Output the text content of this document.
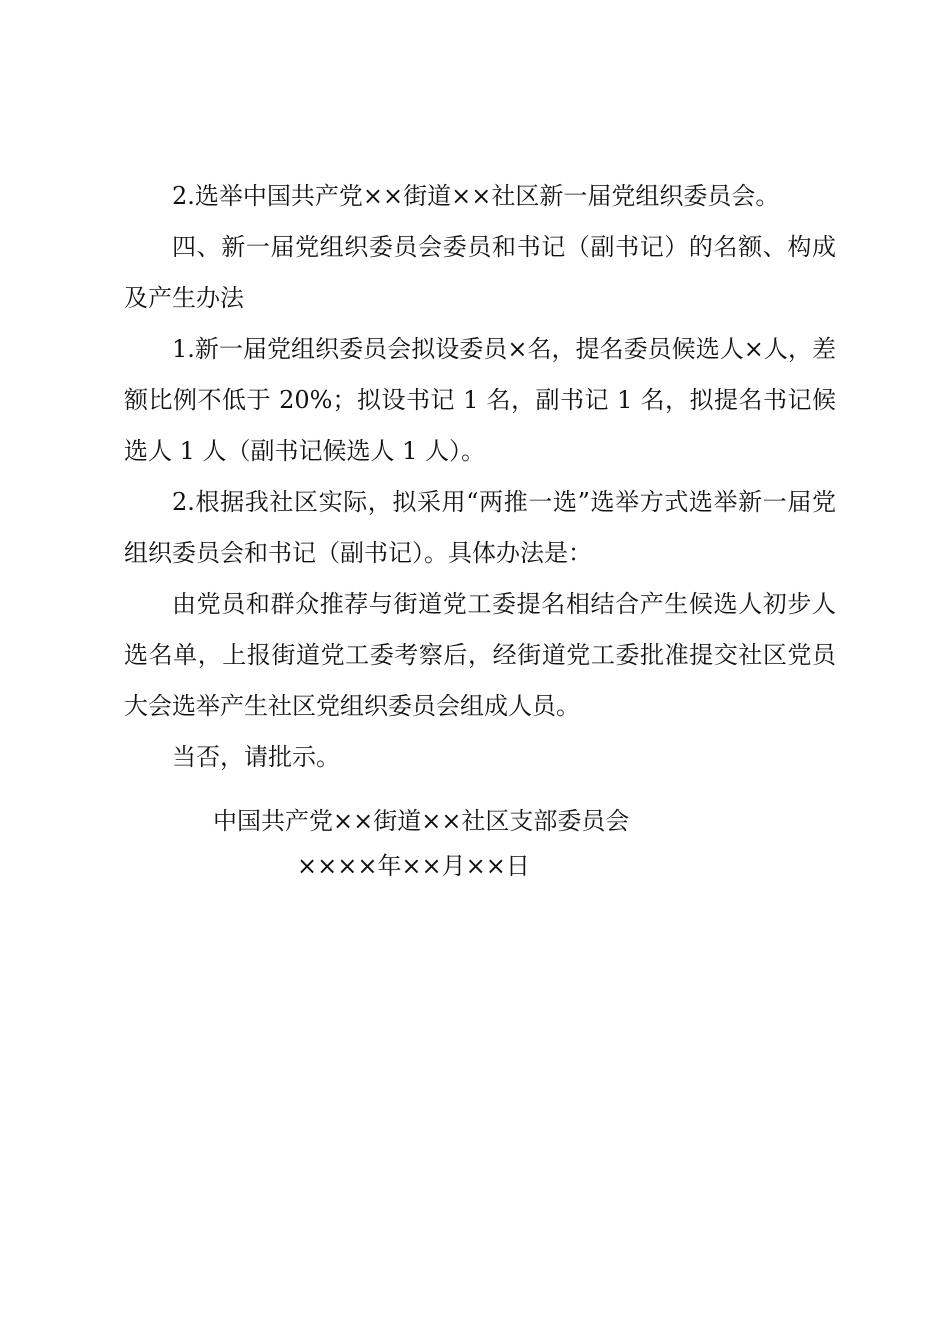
2.选举中国共产党××街道××社区新一届党组织委员会。

四、新一届党组织委员会委员和书记（副书记）的名额、构成及产生办法

1.新一届党组织委员会拟设委员×名，提名委员候选人×人，差额比例不低于 20%；拟设书记 1 名，副书记 1 名，拟提名书记候选人 1 人（副书记候选人 1 人）。

2.根据我社区实际，拟采用“两推一选”选举方式选举新一届党组织委员会和书记（副书记）。具体办法是：

由党员和群众推荐与街道党工委提名相结合产生候选人初步人选名单，上报街道党工委考察后，经街道党工委批准提交社区党员大会选举产生社区党组织委员会组成人员。

当否，请批示。

中国共产党××街道××社区支部委员会
××××年××月××日
